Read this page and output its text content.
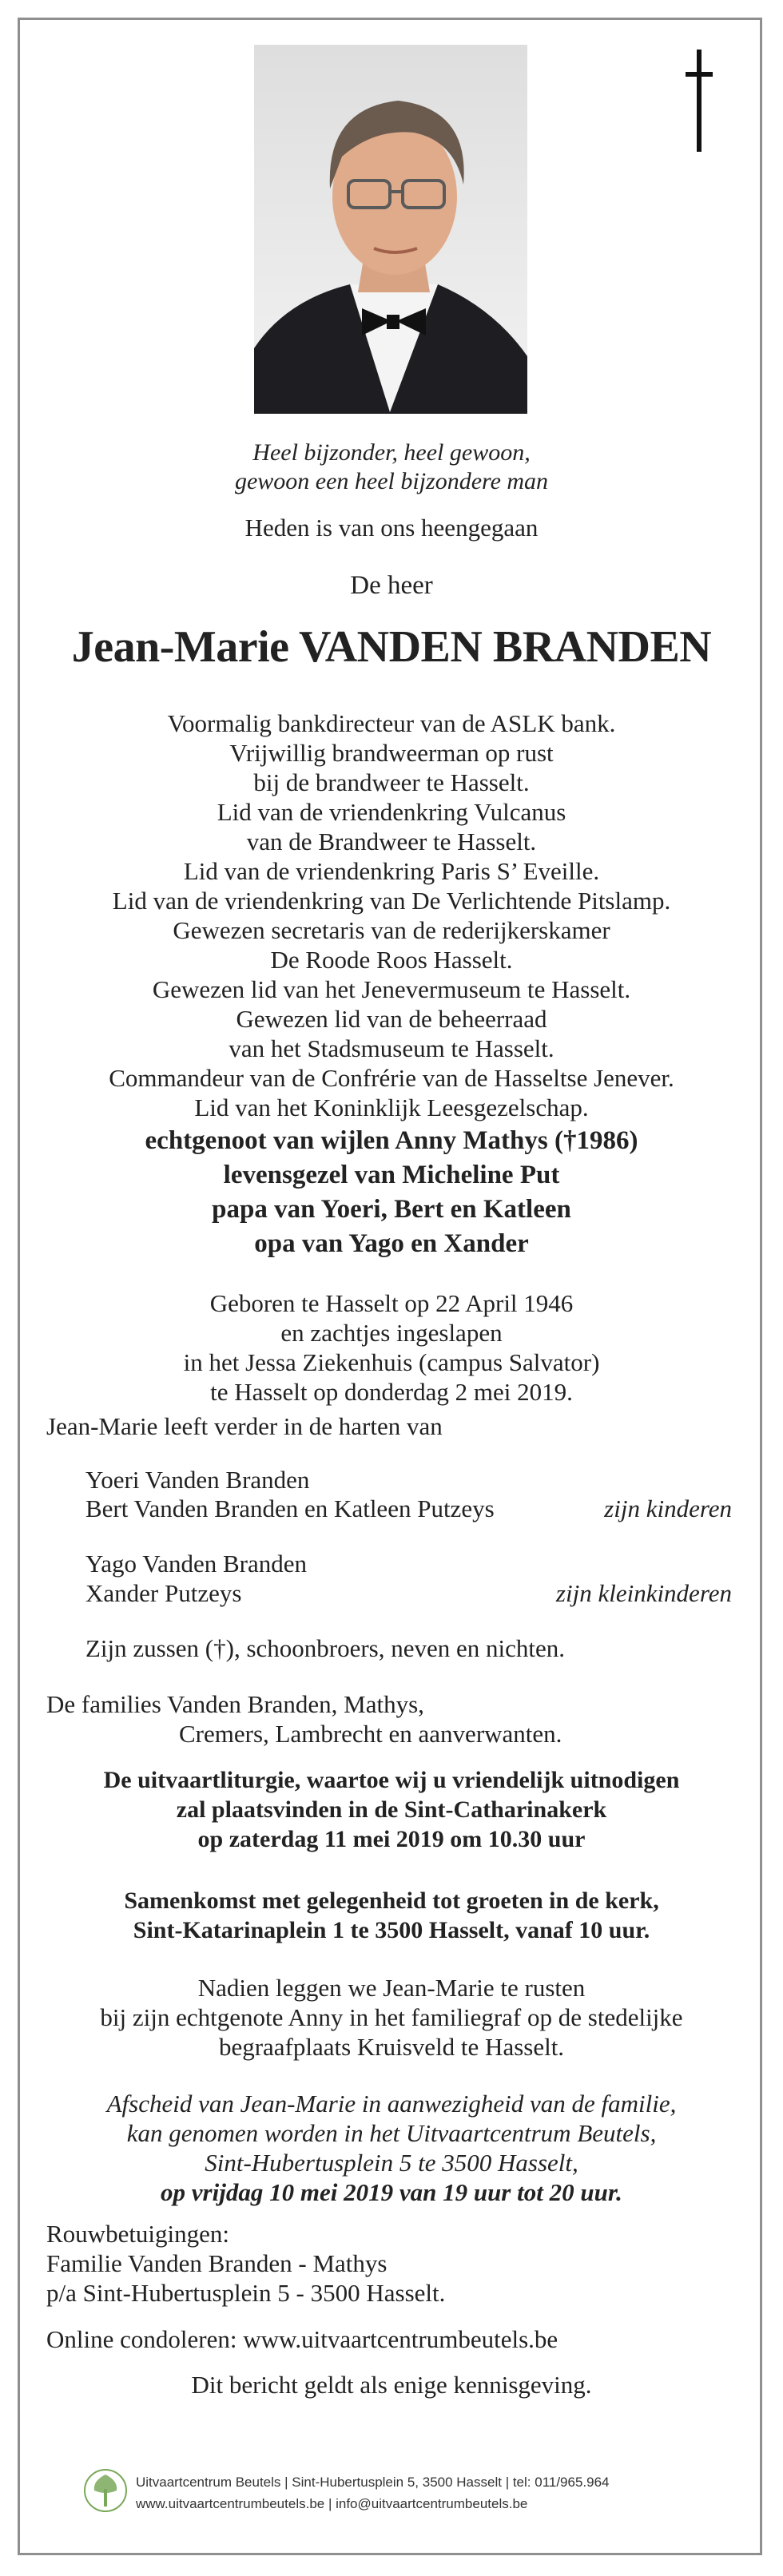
Heel bijzonder, heel gewoon,
gewoon een heel bijzondere man
Heden is van ons heengegaan
De heer
Jean-Marie VANDEN BRANDEN
Voormalig bankdirecteur van de ASLK bank.
Vrijwillig brandweerman op rust
bij de brandweer te Hasselt.
Lid van de vriendenkring Vulcanus
van de Brandweer te Hasselt.
Lid van de vriendenkring Paris S’ Eveille.
Lid van de vriendenkring van De Verlichtende Pitslamp.
Gewezen secretaris van de rederijkerskamer
De Roode Roos Hasselt.
Gewezen lid van het Jenevermuseum te Hasselt.
Gewezen lid van de beheerraad
van het Stadsmuseum te Hasselt.
Commandeur van de Confrérie van de Hasseltse Jenever.
Lid van het Koninklijk Leesgezelschap.
echtgenoot van wijlen Anny Mathys (†1986)
levensgezel van Micheline Put
papa van Yoeri, Bert en Katleen
opa van Yago en Xander
Geboren te Hasselt op 22 April 1946
en zachtjes ingeslapen
in het Jessa Ziekenhuis (campus Salvator)
te Hasselt op donderdag 2 mei 2019.
Jean-Marie leeft verder in de harten van
Yoeri Vanden Branden
Bert Vanden Branden en Katleen Putzeys	zijn kinderen
Yago Vanden Branden
Xander Putzeys	zijn kleinkinderen
Zijn zussen (†), schoonbroers, neven en nichten.
De families Vanden Branden, Mathys,
Cremers, Lambrecht en aanverwanten.
De uitvaartliturgie, waartoe wij u vriendelijk uitnodigen
zal plaatsvinden in de Sint-Catharinakerk
op zaterdag 11 mei 2019 om 10.30 uur
Samenkomst met gelegenheid tot groeten in de kerk,
Sint-Katarinaplein 1 te 3500 Hasselt, vanaf 10 uur.
Nadien leggen we Jean-Marie te rusten
bij zijn echtgenote Anny in het familiegraf op de stedelijke
begraafplaats Kruisveld te Hasselt.
Afscheid van Jean-Marie in aanwezigheid van de familie,
kan genomen worden in het Uitvaartcentrum Beutels,
Sint-Hubertusplein 5 te 3500 Hasselt,
op vrijdag 10 mei 2019 van 19 uur tot 20 uur.
Rouwbetuigingen:
Familie Vanden Branden - Mathys
p/a Sint-Hubertusplein 5 - 3500 Hasselt.
Online condoleren: www.uitvaartcentrumbeutels.be
Dit bericht geldt als enige kennisgeving.
Uitvaartcentrum Beutels | Sint-Hubertusplein 5, 3500 Hasselt | tel: 011/965.964
www.uitvaartcentrumbeutels.be | info@uitvaartcentrumbeutels.be
